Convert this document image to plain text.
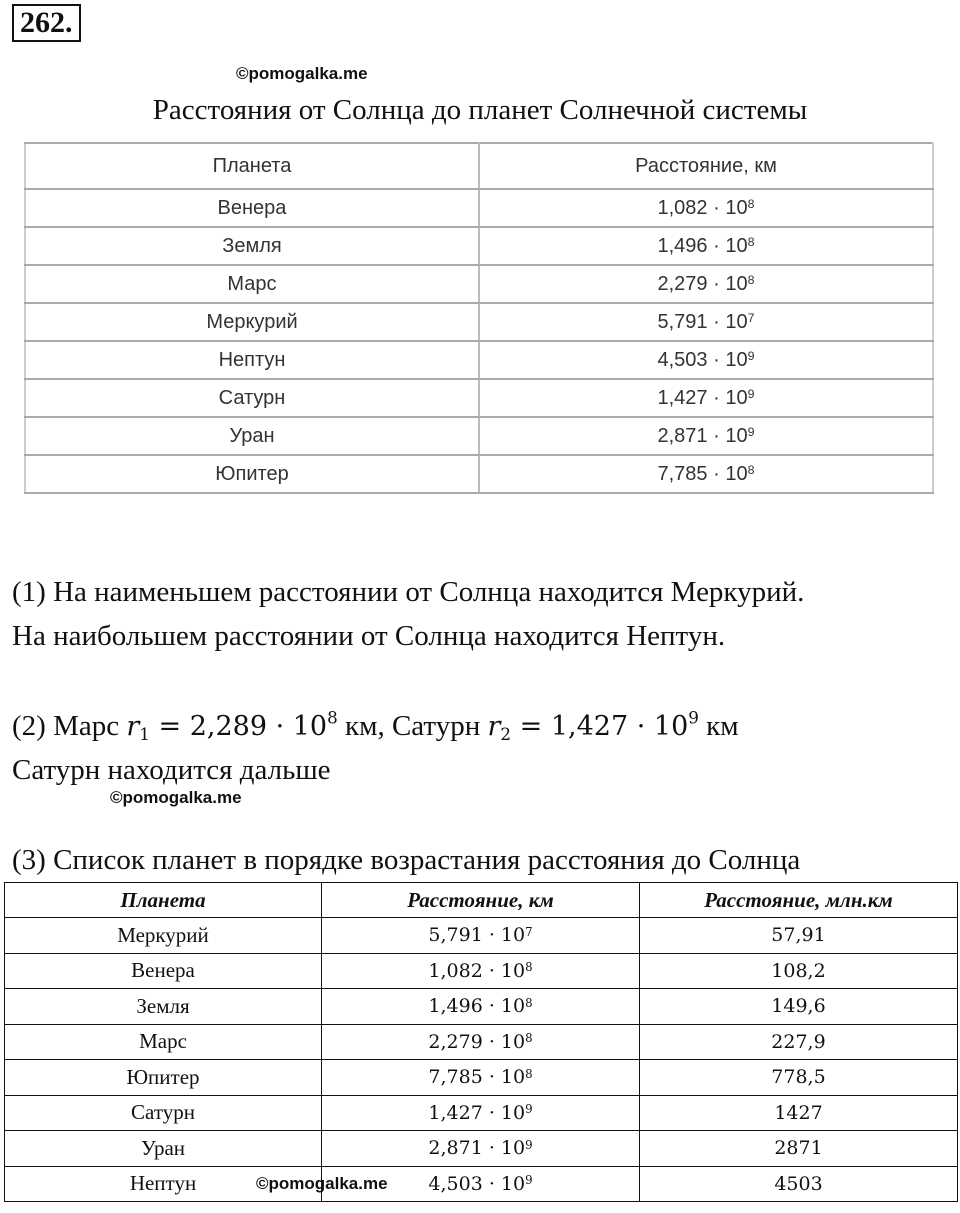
262.
©pomogalka.me
Расстояния от Солнца до планет Солнечной системы
Планета	Расстояние, км
Венера	$1,082 \cdot 10^8$
Земля	$1,496 \cdot 10^8$
Марс	$2,279 \cdot 10^8$
Меркурий	$5,791 \cdot 10^7$
Нептун	$4,503 \cdot 10^9$
Сатурн	$1,427 \cdot 10^9$
Уран	$2,871 \cdot 10^9$
Юпитер	$7,785 \cdot 10^8$
(1) На наименьшем расстоянии от Солнца находится Меркурий.
На наибольшем расстоянии от Солнца находится Нептун.
(2) Марс $r_1 = 2,289 \cdot 10^8$ км, Сатурн $r_2 = 1,427 \cdot 10^9$ км
Сатурн находится дальше
©pomogalka.me
(3) Список планет в порядке возрастания расстояния до Солнца
Планета	Расстояние, км	Расстояние, млн.км
Меркурий	$5,791 \cdot 10^7$	57,91
Венера	$1,082 \cdot 10^8$	108,2
Земля	$1,496 \cdot 10^8$	149,6
Марс	$2,279 \cdot 10^8$	227,9
Юпитер	$7,785 \cdot 10^8$	778,5
Сатурн	$1,427 \cdot 10^9$	1427
Уран	$2,871 \cdot 10^9$	2871
Нептун	$4,503 \cdot 10^9$	4503
©pomogalka.me
